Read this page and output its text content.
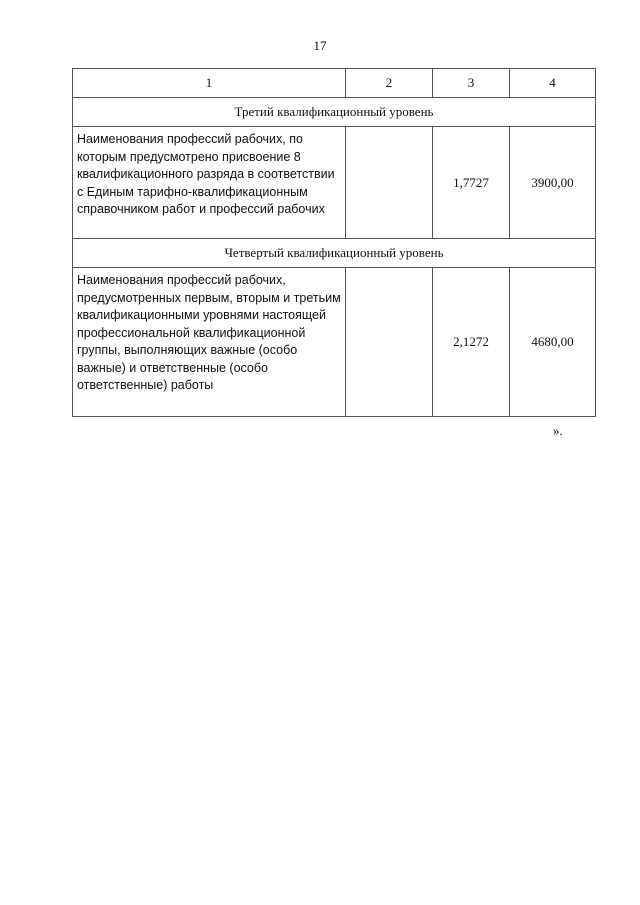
17
1	2	3	4
Третий квалификационный уровень			
Наименования профессий рабочих, по которым предусмотрено присвоение 8 квалификационного разряда в соответствии с Единым тарифно-квалификационным справочником работ и профессий рабочих		1,7727	3900,00
Четвертый квалификационный уровень			
Наименования профессий рабочих, предусмотренных первым, вторым и третьим квалификационными уровнями настоящей профессиональной квалификационной группы, выполняющих важные (особо важные) и ответственные (особо ответственные) работы		2,1272	4680,00
».
